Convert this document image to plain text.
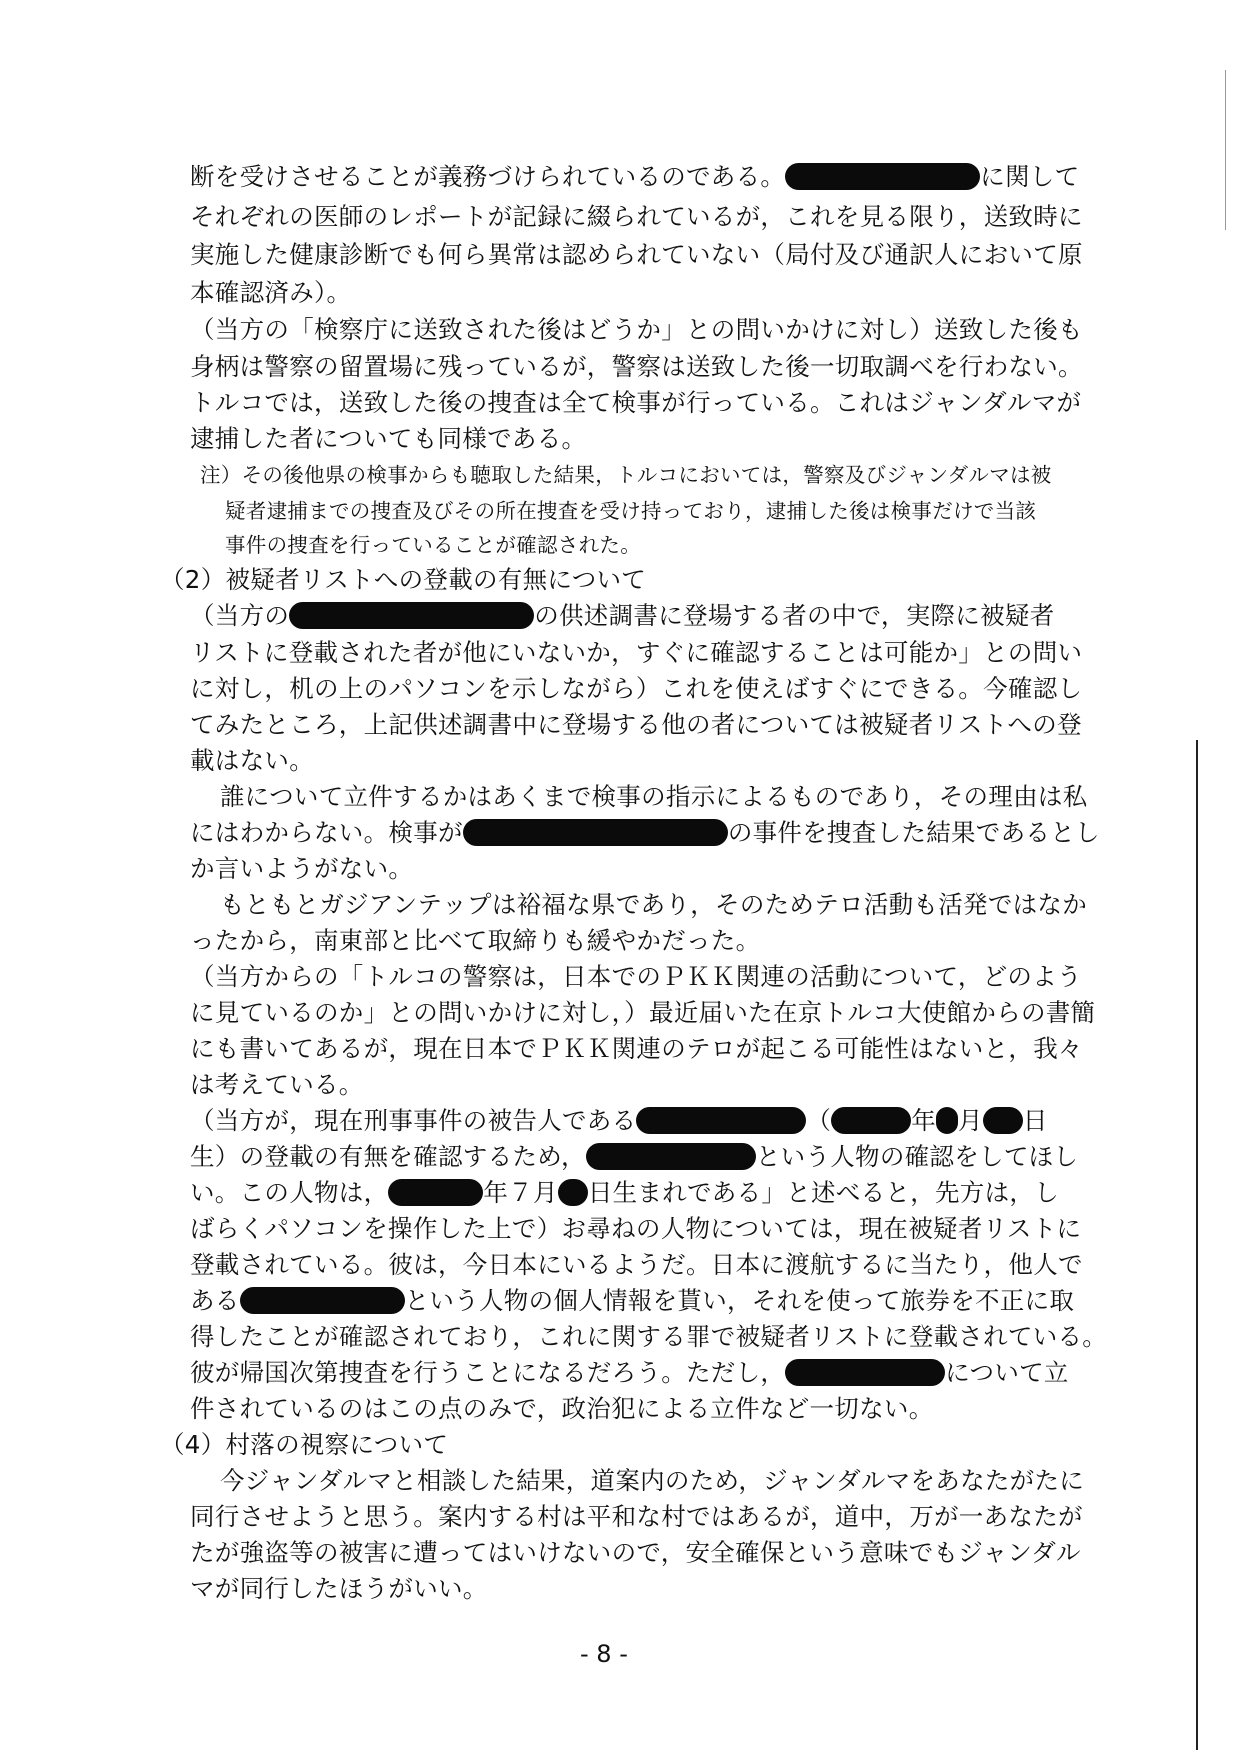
断を受けさせることが義務づけられているのである。	に関して
それぞれの医師のレポートが記録に綴られているが，これを見る限り，送致時に
実施した健康診断でも何ら異常は認められていない（局付及び通訳人において原
本確認済み）。
（当方の「検察庁に送致された後はどうか」との問いかけに対し）送致した後も
身柄は警察の留置場に残っているが，警察は送致した後一切取調べを行わない。
トルコでは，送致した後の捜査は全て検事が行っている。これはジャンダルマが
逮捕した者についても同様である。
注）その後他県の検事からも聴取した結果，トルコにおいては，警察及びジャンダルマは被
疑者逮捕までの捜査及びその所在捜査を受け持っており，逮捕した後は検事だけで当該
事件の捜査を行っていることが確認された。
（2）被疑者リストへの登載の有無について
（当方の	の供述調書に登場する者の中で，実際に被疑者
リストに登載された者が他にいないか，すぐに確認することは可能か」との問い
に対し，机の上のパソコンを示しながら）これを使えばすぐにできる。今確認し
てみたところ，上記供述調書中に登場する他の者については被疑者リストへの登
載はない。
誰について立件するかはあくまで検事の指示によるものであり，その理由は私
にはわからない。検事が	の事件を捜査した結果であるとし
か言いようがない。
もともとガジアンテップは裕福な県であり，そのためテロ活動も活発ではなか
ったから，南東部と比べて取締りも緩やかだった。
（当方からの「トルコの警察は，日本でのＰＫＫ関連の活動について，どのよう
に見ているのか」との問いかけに対し，）最近届いた在京トルコ大使館からの書簡
にも書いてあるが，現在日本でＰＫＫ関連のテロが起こる可能性はないと，我々
は考えている。
（当方が，現在刑事事件の被告人である	（	年 月 日
生）の登載の有無を確認するため，	という人物の確認をしてほし
い。この人物は，	年７月 日生まれである」と述べると，先方は，し
ばらくパソコンを操作した上で）お尋ねの人物については，現在被疑者リストに
登載されている。彼は，今日本にいるようだ。日本に渡航するに当たり，他人で
ある	という人物の個人情報を貰い，それを使って旅券を不正に取
得したことが確認されており，これに関する罪で被疑者リストに登載されている。
彼が帰国次第捜査を行うことになるだろう。ただし，	について立
件されているのはこの点のみで，政治犯による立件など一切ない。
（4）村落の視察について
今ジャンダルマと相談した結果，道案内のため，ジャンダルマをあなたがたに
同行させようと思う。案内する村は平和な村ではあるが，道中，万が一あなたが
たが強盗等の被害に遭ってはいけないので，安全確保という意味でもジャンダル
マが同行したほうがいい。
- 8 -
